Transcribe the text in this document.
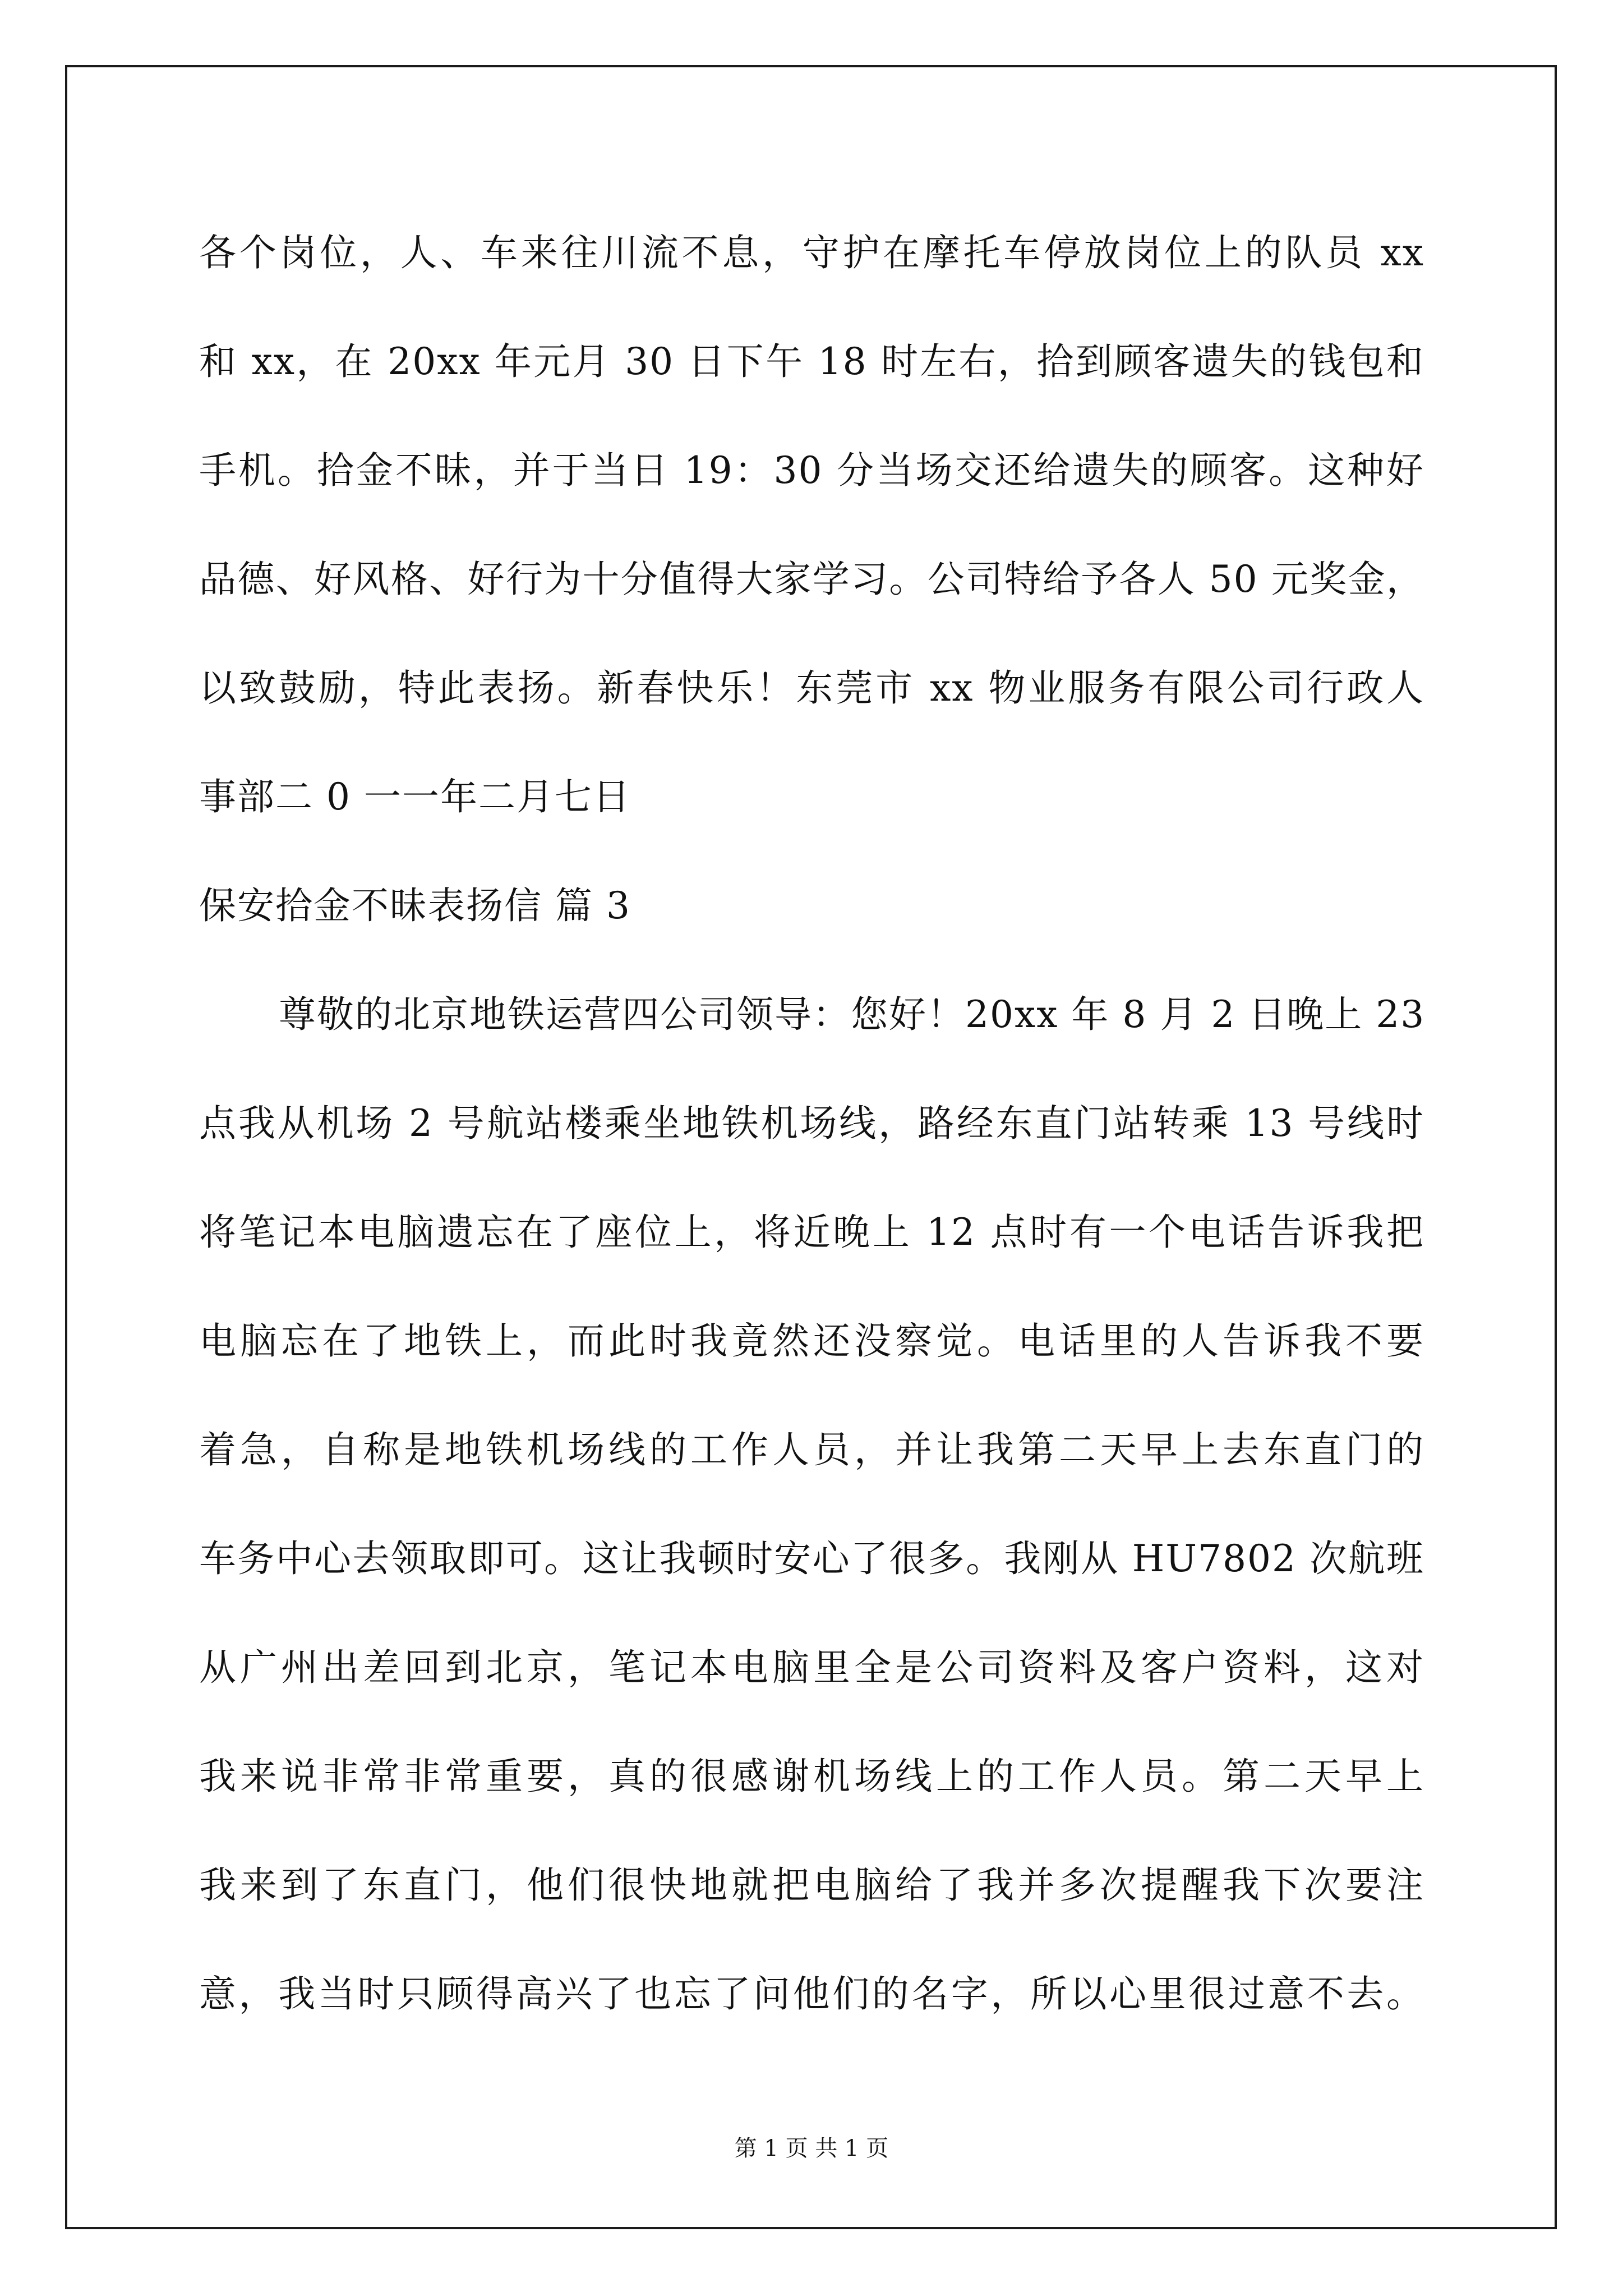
各个岗位，人、车来往川流不息，守护在摩托车停放岗位上的队员 xx
和 xx，在 20xx 年元月 30 日下午 18 时左右，拾到顾客遗失的钱包和
手机。拾金不昧，并于当日 19：30 分当场交还给遗失的顾客。这种好
品德、好风格、好行为十分值得大家学习。公司特给予各人 50 元奖金，
以致鼓励，特此表扬。新春快乐！东莞市 xx 物业服务有限公司行政人
事部二 0 一一年二月七日
保安拾金不昧表扬信 篇 3
尊敬的北京地铁运营四公司领导：您好！20xx 年 8 月 2 日晚上 23
点我从机场 2 号航站楼乘坐地铁机场线，路经东直门站转乘 13 号线时
将笔记本电脑遗忘在了座位上，将近晚上 12 点时有一个电话告诉我把
电脑忘在了地铁上，而此时我竟然还没察觉。电话里的人告诉我不要
着急，自称是地铁机场线的工作人员，并让我第二天早上去东直门的
车务中心去领取即可。这让我顿时安心了很多。我刚从 HU7802 次航班
从广州出差回到北京，笔记本电脑里全是公司资料及客户资料，这对
我来说非常非常重要，真的很感谢机场线上的工作人员。第二天早上
我来到了东直门，他们很快地就把电脑给了我并多次提醒我下次要注
意，我当时只顾得高兴了也忘了问他们的名字，所以心里很过意不去。
第 1 页 共 1 页
